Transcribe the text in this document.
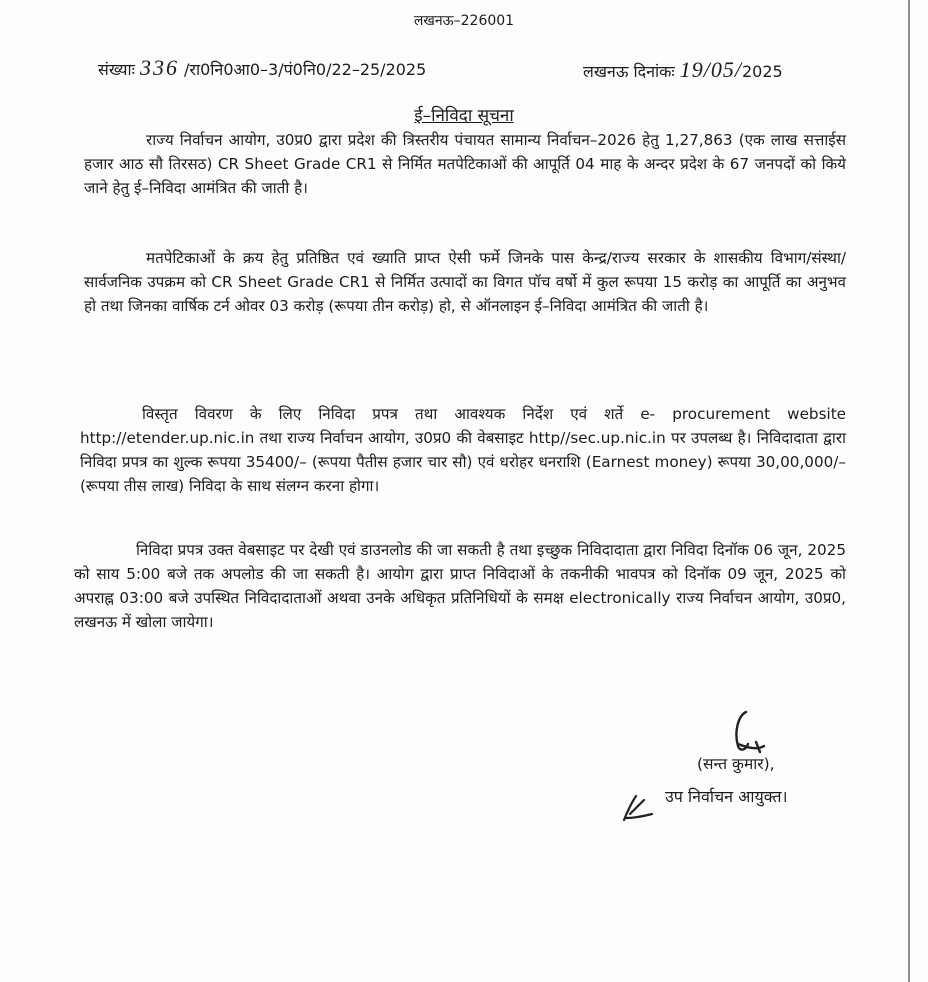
लखनऊ–226001
संख्याः 336 /रा0नि0आ0–3/पं0नि0/22–25/2025	लखनऊ दिनांकः 19/05/2025
ई–निविदा सूचना

राज्य निर्वाचन आयोग, उ0प्र0 द्वारा प्रदेश की त्रिस्तरीय पंचायत सामान्य निर्वाचन–2026 हेतु 1,27,863 (एक लाख सत्ताईस हजार आठ सौ तिरसठ) CR Sheet Grade CR1 से निर्मित मतपेटिकाओं की आपूर्ति 04 माह के अन्दर प्रदेश के 67 जनपदों को किये जाने हेतु ई–निविदा आमंत्रित की जाती है।

मतपेटिकाओं के क्रय हेतु प्रतिष्ठित एवं ख्याति प्राप्त ऐसी फर्मे जिनके पास केन्द्र/राज्य सरकार के शासकीय विभाग/संस्था/सार्वजनिक उपक्रम को CR Sheet Grade CR1 से निर्मित उत्पादों का विगत पॉच वर्षो में कुल रूपया 15 करोड़ का आपूर्ति का अनुभव हो तथा जिनका वार्षिक टर्न ओवर 03 करोड़ (रूपया तीन करोड़) हो, से ऑनलाइन ई–निविदा आमंत्रित की जाती है।

विस्तृत विवरण के लिए निविदा प्रपत्र तथा आवश्यक निर्देश एवं शर्ते e- procurement website http://etender.up.nic.in तथा राज्य निर्वाचन आयोग, उ0प्र0 की वेबसाइट http//sec.up.nic.in पर उपलब्ध है। निविदादाता द्वारा निविदा प्रपत्र का शुल्क रूपया 35400/– (रूपया पैतीस हजार चार सौ) एवं धरोहर धनराशि (Earnest money) रूपया 30,00,000/– (रूपया तीस लाख) निविदा के साथ संलग्न करना होगा।

निविदा प्रपत्र उक्त वेबसाइट पर देखी एवं डाउनलोड की जा सकती है तथा इच्छुक निविदादाता द्वारा निविदा दिनॉक 06 जून, 2025 को साय 5:00 बजे तक अपलोड की जा सकती है। आयोग द्वारा प्राप्त निविदाओं के तकनीकी भावपत्र को दिनॉक 09 जून, 2025 को अपराह्न 03:00 बजे उपस्थित निविदादाताओं अथवा उनके अधिकृत प्रतिनिधियों के समक्ष electronically राज्य निर्वाचन आयोग, उ0प्र0, लखनऊ में खोला जायेगा।

(सन्त कुमार),
उप निर्वाचन आयुक्त।
